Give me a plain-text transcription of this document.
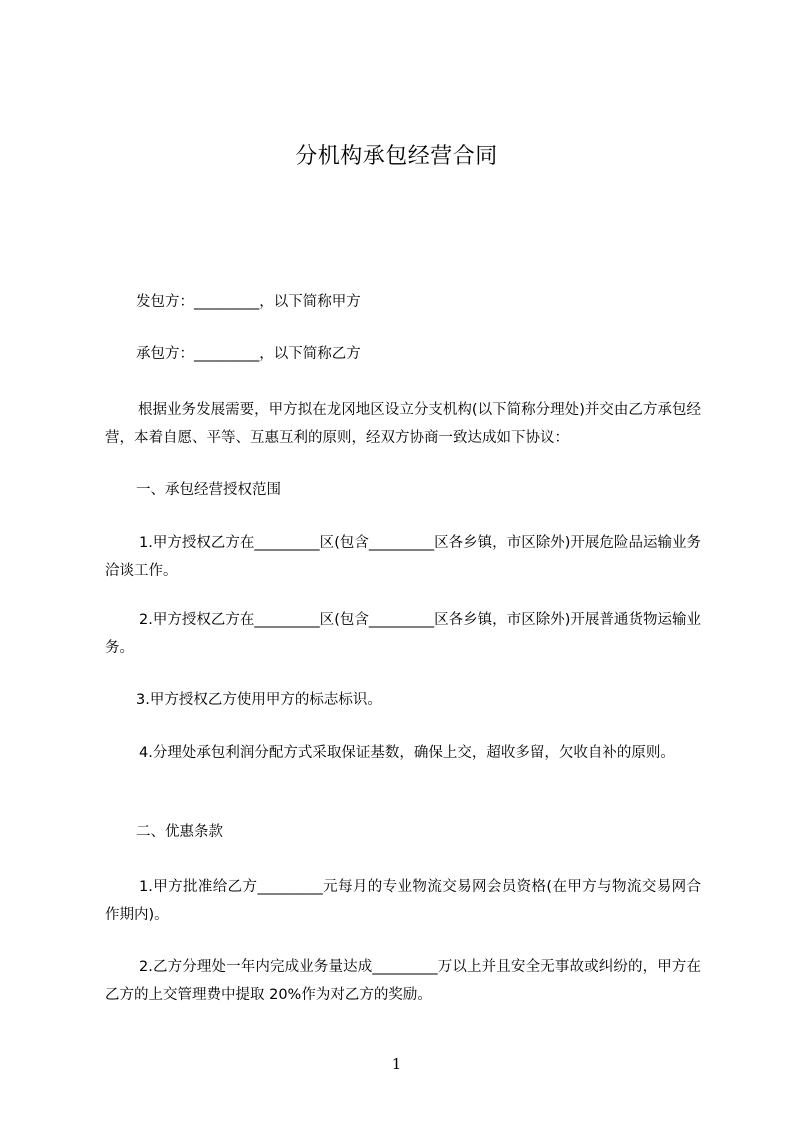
分机构承包经营合同

发包方：_________，以下简称甲方

承包方：_________，以下简称乙方

根据业务发展需要，甲方拟在龙冈地区设立分支机构(以下简称分理处)并交由乙方承包经营，本着自愿、平等、互惠互利的原则，经双方协商一致达成如下协议：

一、承包经营授权范围

1.甲方授权乙方在_________区(包含_________区各乡镇，市区除外)开展危险品运输业务洽谈工作。

2.甲方授权乙方在_________区(包含_________区各乡镇，市区除外)开展普通货物运输业务。

3.甲方授权乙方使用甲方的标志标识。

4.分理处承包利润分配方式采取保证基数，确保上交，超收多留，欠收自补的原则。

二、优惠条款

1.甲方批准给乙方_________元每月的专业物流交易网会员资格(在甲方与物流交易网合作期内)。

2.乙方分理处一年内完成业务量达成_________万以上并且安全无事故或纠纷的，甲方在乙方的上交管理费中提取 20%作为对乙方的奖励。

1
